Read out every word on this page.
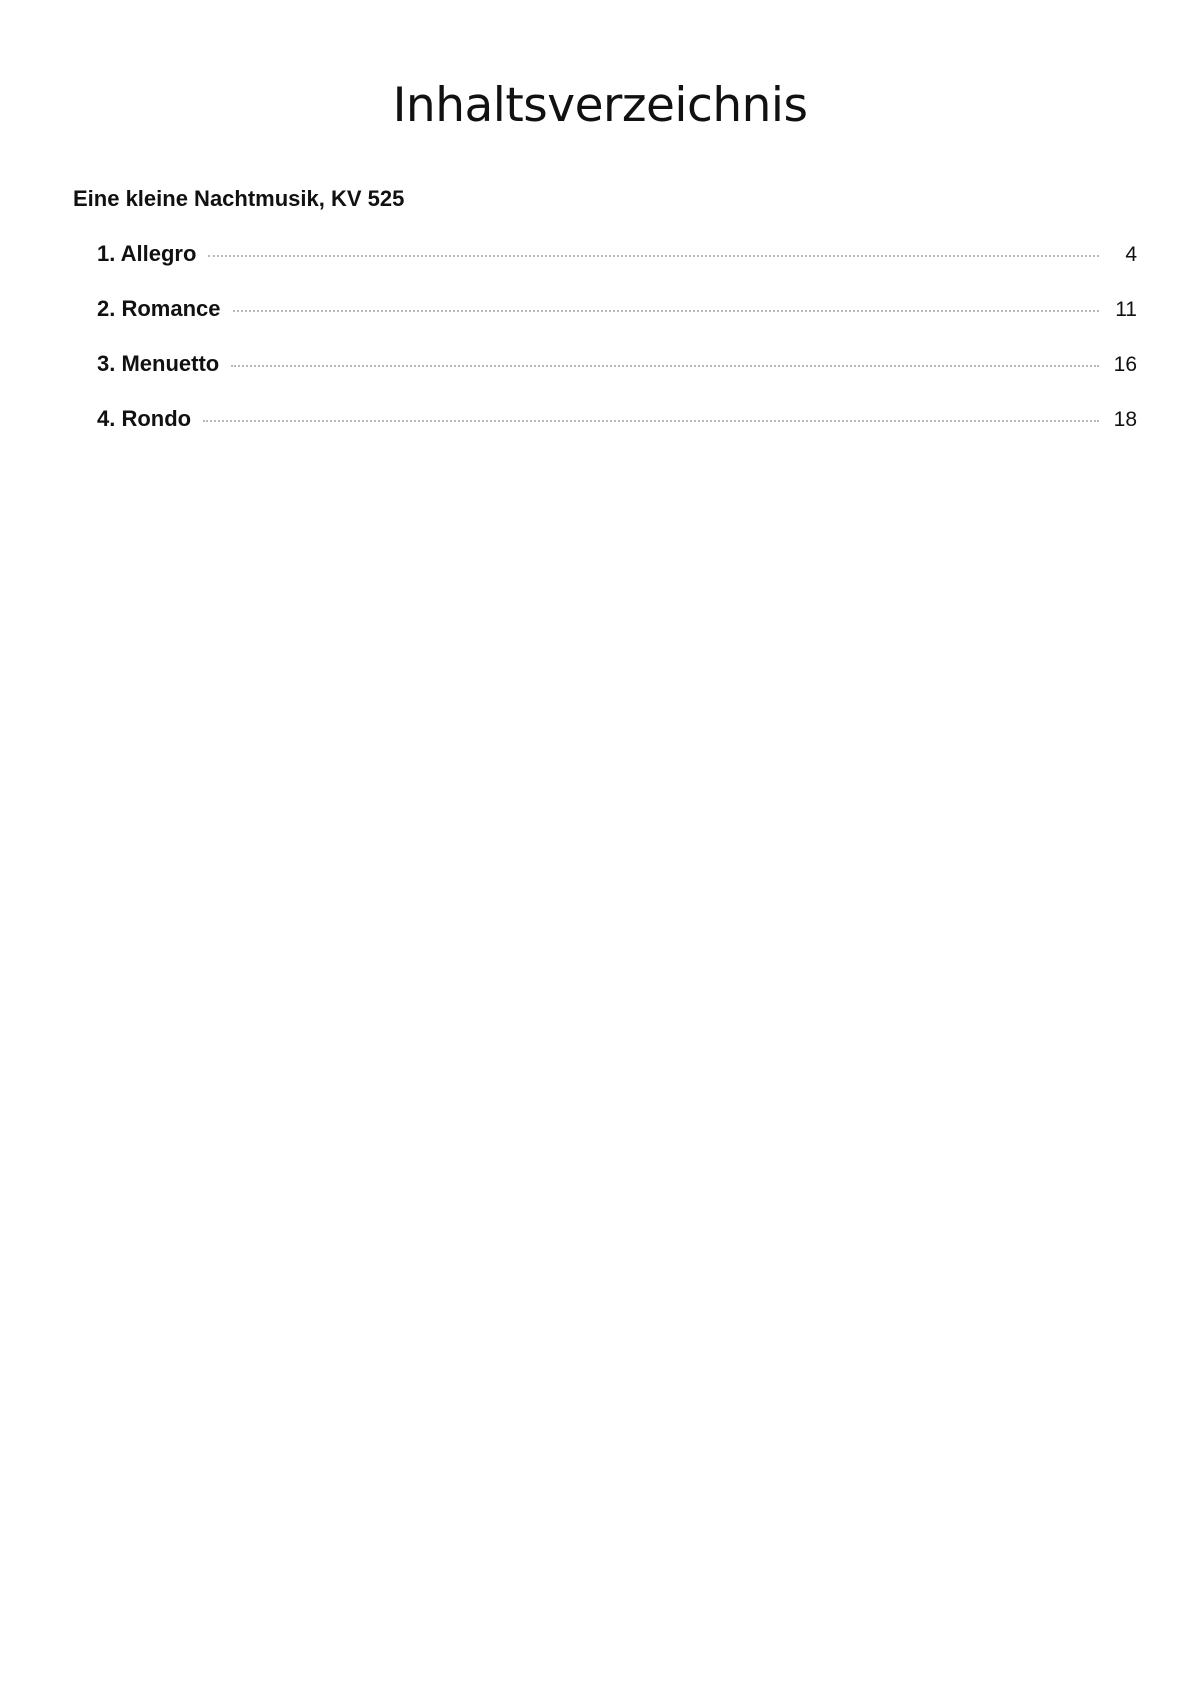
Inhaltsverzeichnis
Eine kleine Nachtmusik, KV 525
1. Allegro	4
2. Romance	11
3. Menuetto	16
4. Rondo	18
